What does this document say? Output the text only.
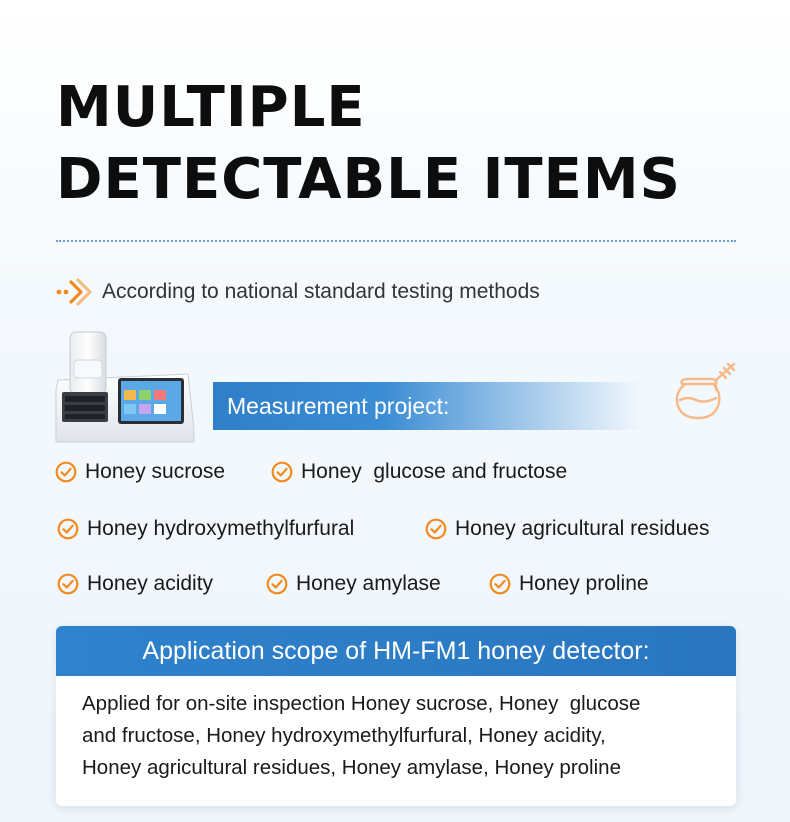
MULTIPLE
DETECTABLE ITEMS
According to national standard testing methods
Measurement project:
Honey sucrose	Honey  glucose and fructose
Honey hydroxymethylfurfural	Honey agricultural residues
Honey acidity	Honey amylase	Honey proline
Application scope of HM-FM1 honey detector:
Applied for on-site inspection Honey sucrose, Honey  glucose
and fructose, Honey hydroxymethylfurfural, Honey acidity,
Honey agricultural residues, Honey amylase, Honey proline
